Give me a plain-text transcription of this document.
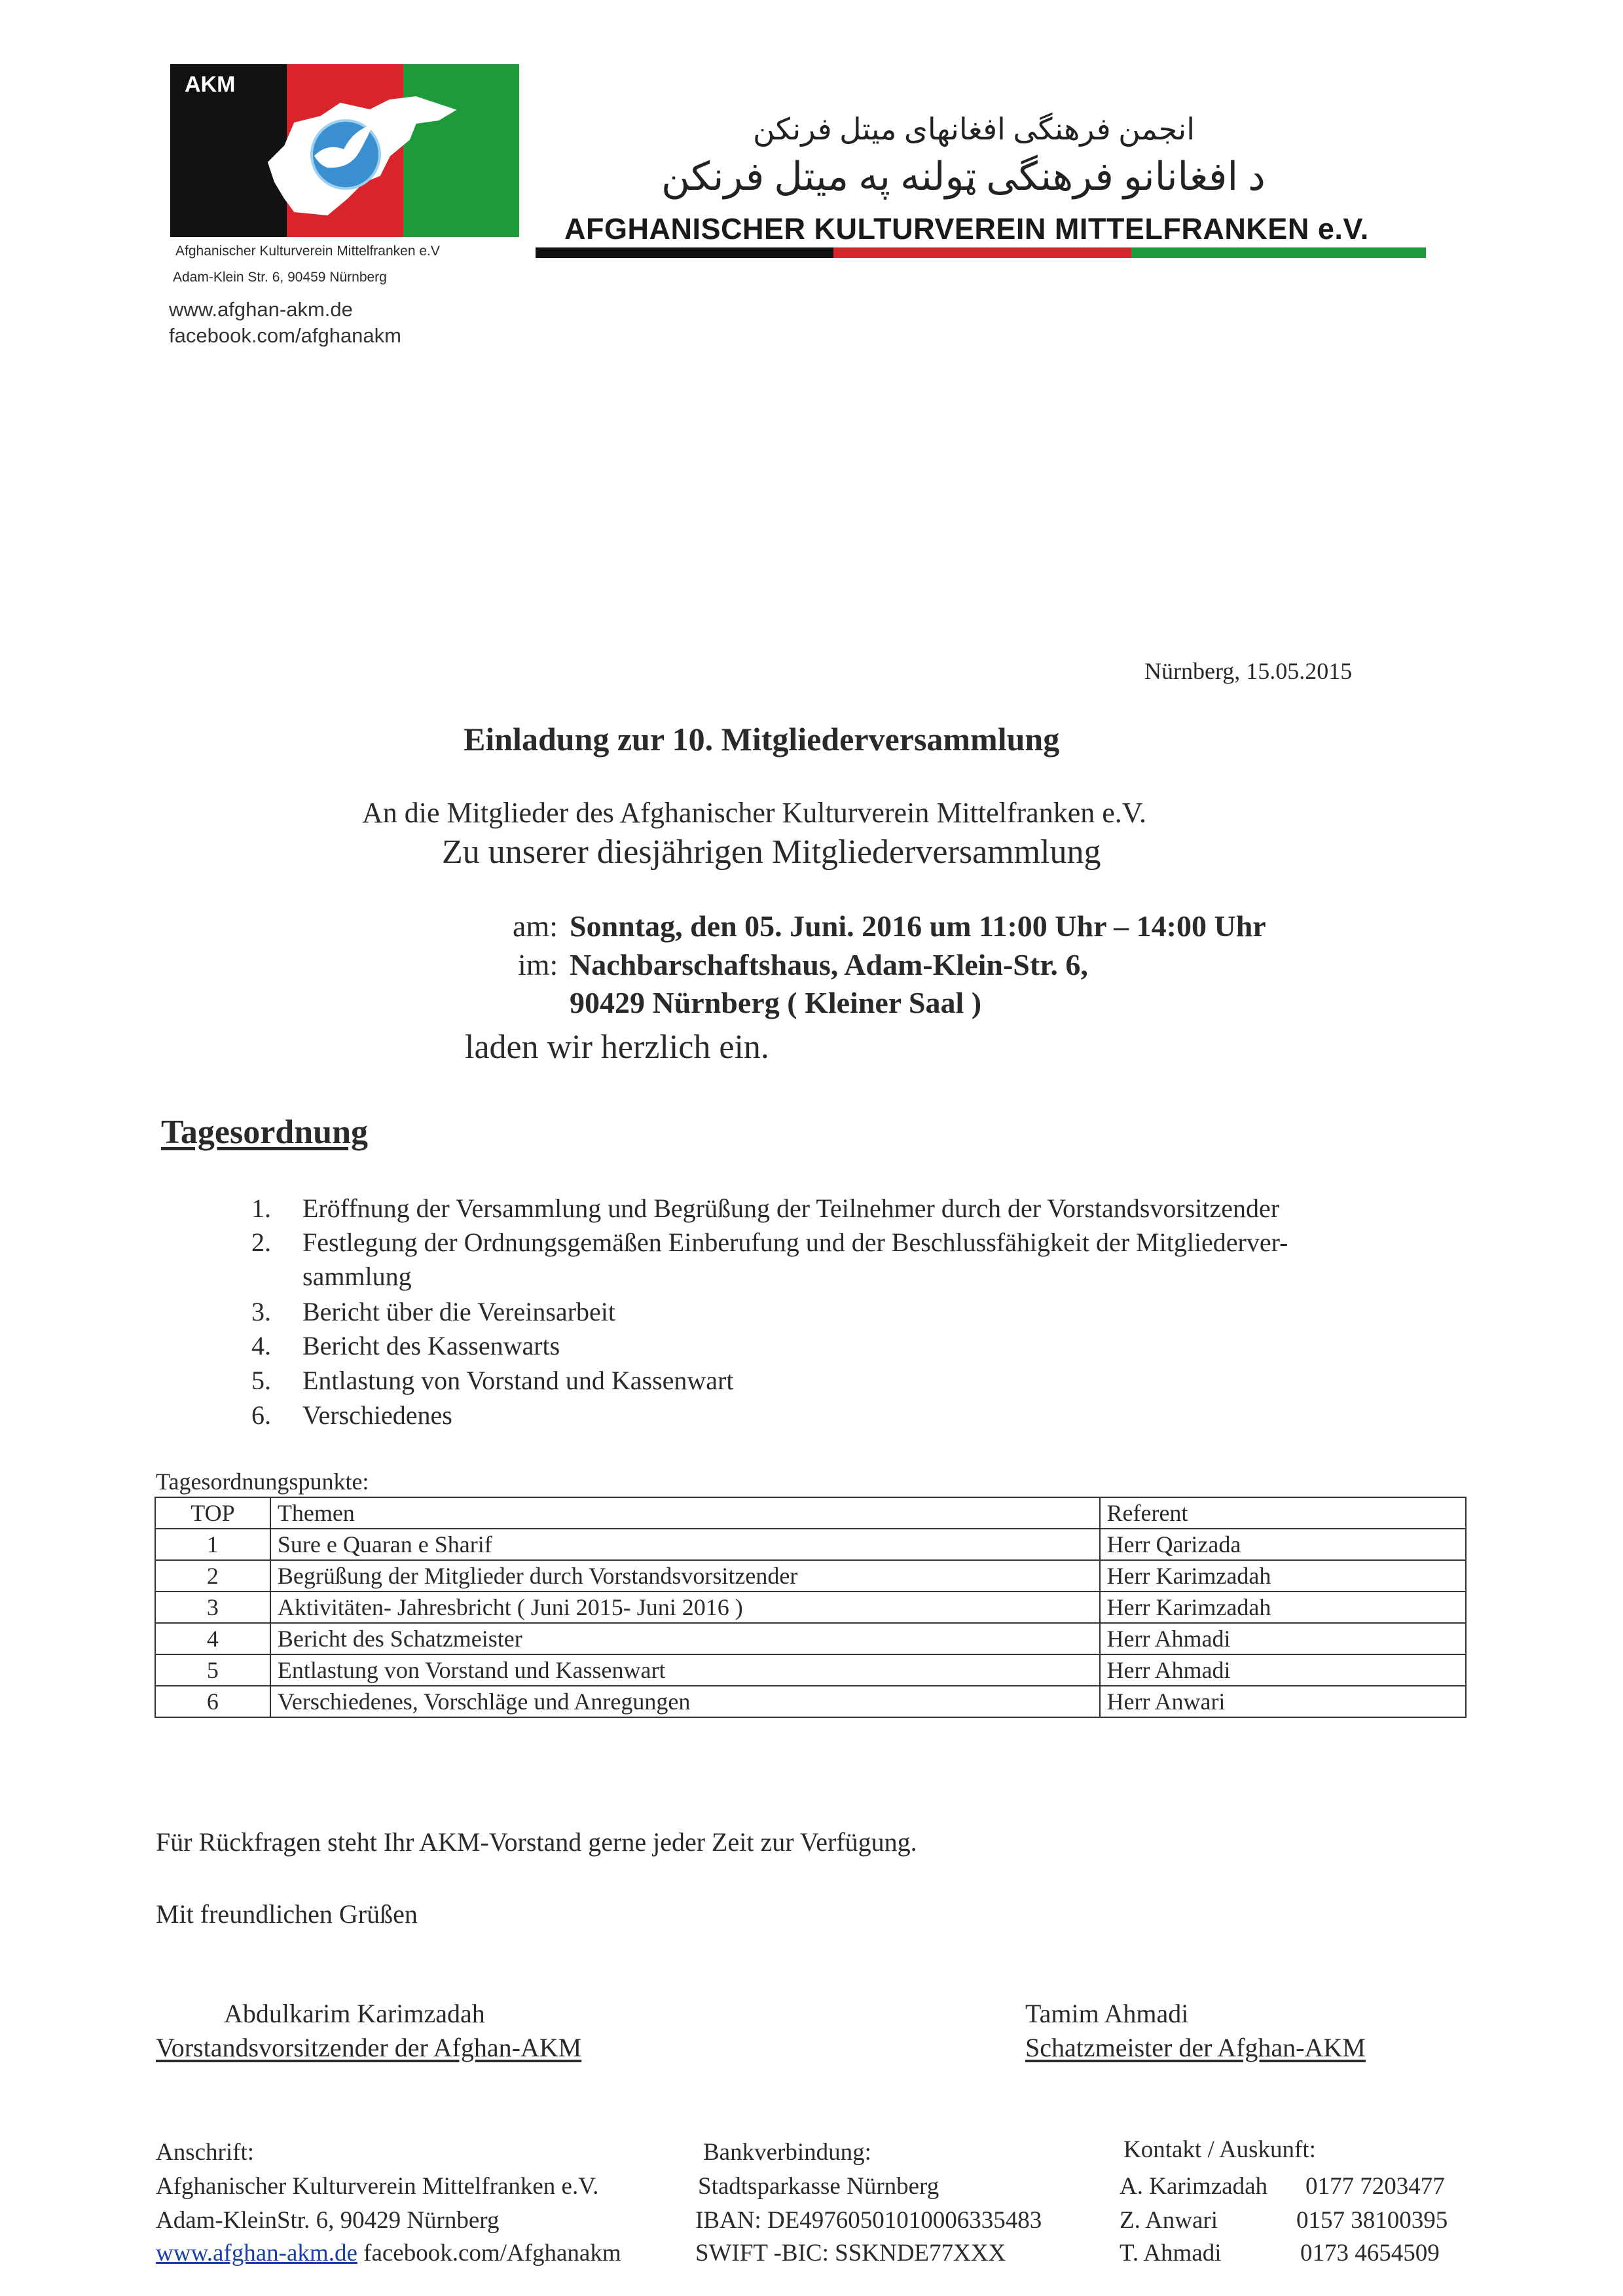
AKM
انجمن فرهنگی افغانهای میتل فرنکن
د افغانانو فرهنگی ټولنه په میتل فرنکن
AFGHANISCHER KULTURVEREIN MITTELFRANKEN e.V.
Afghanischer Kulturverein Mittelfranken e.V
Adam-Klein Str. 6, 90459 Nürnberg
www.afghan-akm.de
facebook.com/afghanakm
Nürnberg, 15.05.2015
Einladung zur 10. Mitgliederversammlung
An die Mitglieder des Afghanischer Kulturverein Mittelfranken e.V.
Zu unserer diesjährigen Mitgliederversammlung
am: Sonntag, den 05. Juni. 2016 um 11:00 Uhr – 14:00 Uhr
im: Nachbarschaftshaus, Adam-Klein-Str. 6,
90429 Nürnberg ( Kleiner Saal )
laden wir herzlich ein.
Tagesordnung
1. Eröffnung der Versammlung und Begrüßung der Teilnehmer durch der Vorstandsvorsitzender
2. Festlegung der Ordnungsgemäßen Einberufung und der Beschlussfähigkeit der Mitgliederver-
sammlung
3. Bericht über die Vereinsarbeit
4. Bericht des Kassenwarts
5. Entlastung von Vorstand und Kassenwart
6. Verschiedenes
Tagesordnungspunkte:
TOP	Themen	Referent
1	Sure e Quaran e Sharif	Herr Qarizada
2	Begrüßung der Mitglieder durch Vorstandsvorsitzender	Herr Karimzadah
3	Aktivitäten- Jahresbricht ( Juni 2015- Juni 2016 )	Herr Karimzadah
4	Bericht des Schatzmeister	Herr Ahmadi
5	Entlastung von Vorstand und Kassenwart	Herr Ahmadi
6	Verschiedenes, Vorschläge und Anregungen	Herr Anwari
Für Rückfragen steht Ihr AKM-Vorstand gerne jeder Zeit zur Verfügung.
Mit freundlichen Grüßen
Abdulkarim Karimzadah
Vorstandsvorsitzender der Afghan-AKM
Tamim Ahmadi
Schatzmeister der Afghan-AKM
Anschrift:
Afghanischer Kulturverein Mittelfranken e.V.
Adam-KleinStr. 6, 90429 Nürnberg
www.afghan-akm.de facebook.com/Afghanakm
Bankverbindung:
Stadtsparkasse Nürnberg
IBAN: DE49760501010006335483
SWIFT -BIC: SSKNDE77XXX
Kontakt / Auskunft:
A. Karimzadah 0177 7203477
Z. Anwari	0157 38100395
T. Ahmadi	0173 4654509
